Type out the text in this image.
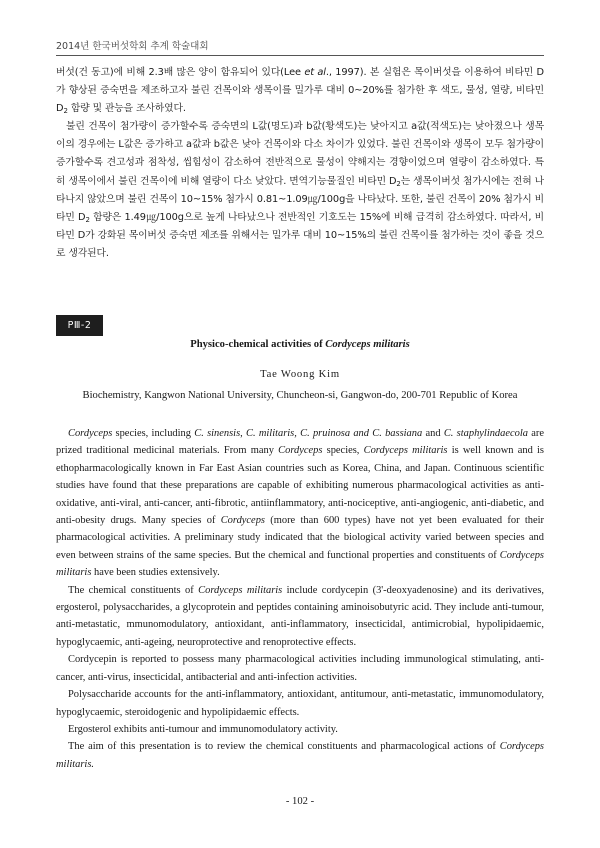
2014년 한국버섯학회 추계 학술대회

버섯(건 동고)에 비해 2.3배 많은 양이 함유되어 있다(Lee et al., 1997). 본 실험은 목이버섯을 이용하여 비타민 D가 향상된 증숙면을 제조하고자 불린 건목이와 생목이를 밀가루 대비 0~20%를 첨가한 후 색도, 물성, 열량, 비타민 $D_2$ 함량 및 관능을 조사하였다.

불린 건목이 첨가량이 증가할수록 증숙면의 L값(명도)과 b값(황색도)는 낮아지고 a값(적색도)는 낮아졌으나 생목이의 경우에는 L값은 증가하고 a값과 b값은 낮아 건목이와 다소 차이가 있었다. 불린 건목이와 생목이 모두 첨가량이 증가할수록 견고성과 점착성, 씹힘성이 감소하여 전반적으로 물성이 약해지는 경향이었으며 열량이 감소하였다. 특히 생목이에서 불린 건목이에 비해 열량이 다소 낮았다. 면역기능물질인 비타민 $D_2$는 생목이버섯 첨가시에는 전혀 나타나지 않았으며 불린 건목이 10~15% 첨가시 0.81~1.09㎍/100g을 나타났다. 또한, 불린 건목이 20% 첨가시 비타민 $D_2$ 함량은 1.49㎍/100g으로 높게 나타났으나 전반적인 기호도는 15%에 비해 급격히 감소하였다. 따라서, 비타민 D가 강화된 목이버섯 증숙면 제조를 위해서는 밀가루 대비 10~15%의 불린 건목이를 첨가하는 것이 좋을 것으로 생각된다.

PⅢ-2
Physico-chemical activities of Cordyceps militaris
Tae Woong Kim
Biochemistry, Kangwon National University, Chuncheon-si, Gangwon-do, 200-701 Republic of Korea

Cordyceps species, including C. sinensis, C. militaris, C. pruinosa and C. bassiana and C. staphylindaecola are prized traditional medicinal materials. From many Cordyceps species, Cordyceps militaris is well known and is ethopharmacologically known in Far East Asian countries such as Korea, China, and Japan. Continuous scientific studies have found that these preparations are capable of exhibiting numerous pharmacological activities as anti-oxidative, anti-viral, anti-cancer, anti-fibrotic, antiinflammatory, anti-nociceptive, anti-angiogenic, anti-diabetic, and anti-obesity drugs. Many species of Cordyceps (more than 600 types) have not yet been evaluated for their pharmacological activities. A preliminary study indicated that the biological activity varied between species and even between strains of the same species. But the chemical and functional properties and constituents of Cordyceps militaris have been studies extensively.

The chemical constituents of Cordyceps militaris include cordycepin (3'-deoxyadenosine) and its derivatives, ergosterol, polysaccharides, a glycoprotein and peptides containing aminoisobutyric acid. They include anti-tumour, anti-metastatic, mmunomodulatory, antioxidant, anti-inflammatory, insecticidal, antimicrobial, hypolipidaemic, hypoglycaemic, anti-ageing, neuroprotective and renoprotective effects.

Cordycepin is reported to possess many pharmacological activities including immunological stimulating, anti-cancer, anti-virus, insecticidal, antibacterial and anti-infection activities.

Polysaccharide accounts for the anti-inflammatory, antioxidant, antitumour, anti-metastatic, immunomodulatory, hypoglycaemic, steroidogenic and hypolipidaemic effects.

Ergosterol exhibits anti-tumour and immunomodulatory activity.

The aim of this presentation is to review the chemical constituents and pharmacological actions of Cordyceps militaris.

- 102 -
